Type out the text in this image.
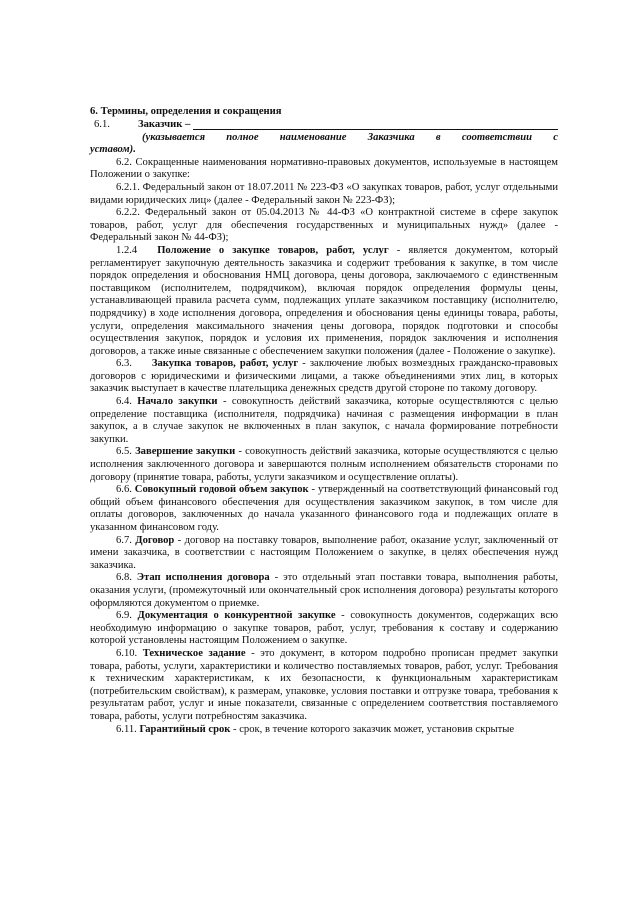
6. Термины, определения и сокращения

6.1.	Заказчик –

(указывается полное наименование Заказчика в соответствии с

уставом).

6.2. Сокращенные наименования нормативно-правовых документов, используемые в настоящем Положении о закупке:

6.2.1. Федеральный закон от 18.07.2011 № 223-ФЗ «О закупках товаров, работ, услуг отдельными видами юридических лиц» (далее - Федеральный закон № 223-ФЗ);

6.2.2. Федеральный закон от 05.04.2013 № 44-ФЗ «О контрактной системе в сфере закупок товаров, работ, услуг для обеспечения государственных и муниципальных нужд» (далее - Федеральный закон № 44-ФЗ);

1.2.4 Положение о закупке товаров, работ, услуг - является документом, который регламентирует закупочную деятельность заказчика и содержит требования к закупке, в том числе порядок определения и обоснования НМЦ договора, цены договора, заключаемого с единственным поставщиком (исполнителем, подрядчиком), включая порядок определения формулы цены, устанавливающей правила расчета сумм, подлежащих уплате заказчиком поставщику (исполнителю, подрядчику) в ходе исполнения договора, определения и обоснования цены единицы товара, работы, услуги, определения максимального значения цены договора, порядок подготовки и способы осуществления закупок, порядок и условия их применения, порядок заключения и исполнения договоров, а также иные связанные с обеспечением закупки положения (далее - Положение о закупке).

6.3. Закупка товаров, работ, услуг - заключение любых возмездных гражданско-правовых договоров с юридическими и физическими лицами, а также объединениями этих лиц, в которых заказчик выступает в качестве плательщика денежных средств другой стороне по такому договору.

6.4. Начало закупки - совокупность действий заказчика, которые осуществляются с целью определение поставщика (исполнителя, подрядчика) начиная с размещения информации в план закупок, а в случае закупок не включенных в план закупок, с начала формирование потребности закупки.

6.5. Завершение закупки - совокупность действий заказчика, которые осуществляются с целью исполнения заключенного договора и завершаются полным исполнением обязательств сторонами по договору (принятие товара, работы, услуги заказчиком и осуществление оплаты).

6.6. Совокупный годовой объем закупок - утвержденный на соответствующий финансовый год общий объем финансового обеспечения для осуществления заказчиком закупок, в том числе для оплаты договоров, заключенных до начала указанного финансового года и подлежащих оплате в указанном финансовом году.

6.7. Договор - договор на поставку товаров, выполнение работ, оказание услуг, заключенный от имени заказчика, в соответствии с настоящим Положением о закупке, в целях обеспечения нужд заказчика.

6.8. Этап исполнения договора - это отдельный этап поставки товара, выполнения работы, оказания услуги, (промежуточный или окончательный срок исполнения договора) результаты которого оформляются документом о приемке.

6.9. Документация о конкурентной закупке - совокупность документов, содержащих всю необходимую информацию о закупке товаров, работ, услуг, требования к составу и содержанию которой установлены настоящим Положением о закупке.

6.10. Техническое задание - это документ, в котором подробно прописан предмет закупки товара, работы, услуги, характеристики и количество поставляемых товаров, работ, услуг. Требования к техническим характеристикам, к их безопасности, к функциональным характеристикам (потребительским свойствам), к размерам, упаковке, условия поставки и отгрузке товара, требования к результатам работ, услуг и иные показатели, связанные с определением соответствия поставляемого товара, работы, услуги потребностям заказчика.

6.11. Гарантийный срок - срок, в течение которого заказчик может, установив скрытые
